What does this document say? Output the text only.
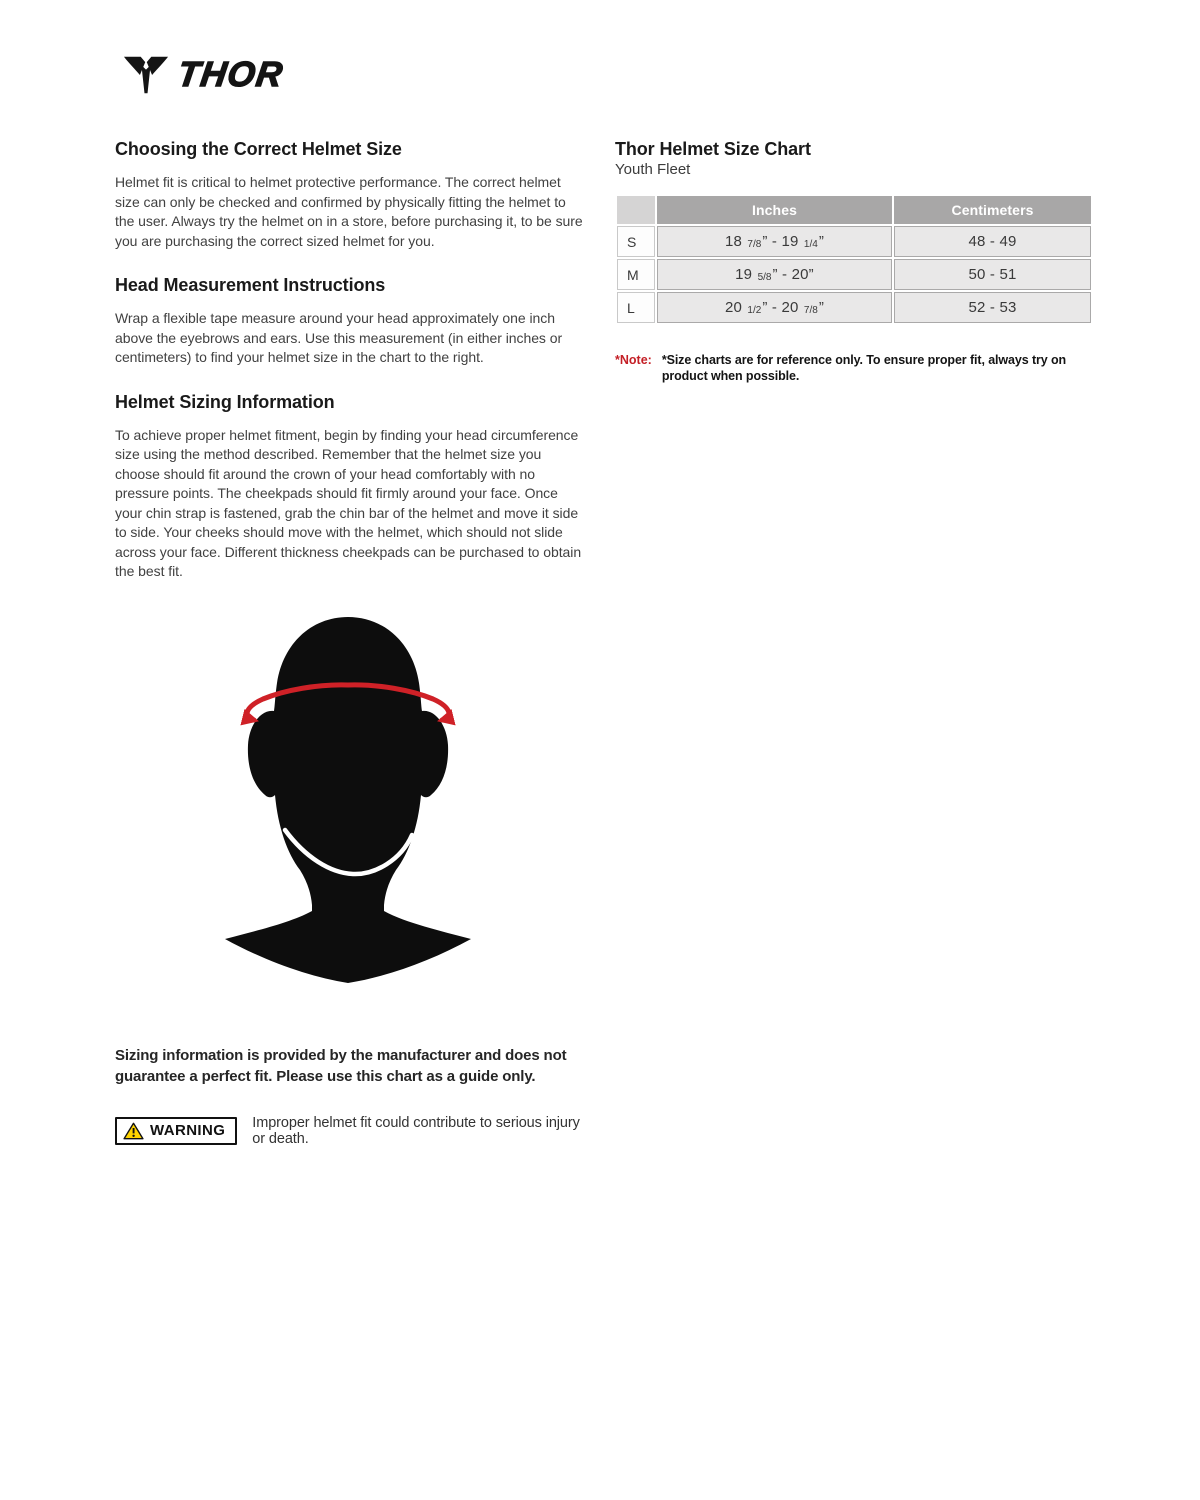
THOR
Choosing the Correct Helmet Size

Helmet fit is critical to helmet protective performance. The correct helmet size can only be checked and confirmed by physically fitting the helmet to the user. Always try the helmet on in a store, before purchasing it, to be sure you are purchasing the correct sized helmet for you.

Head Measurement Instructions

Wrap a flexible tape measure around your head approximately one inch above the eyebrows and ears. Use this measurement (in either inches or centimeters) to find your helmet size in the chart to the right.

Helmet Sizing Information

To achieve proper helmet fitment, begin by finding your head circumference size using the method described. Remember that the helmet size you choose should fit around the crown of your head comfortably with no pressure points. The cheekpads should fit firmly around your face. Once your chin strap is fastened, grab the chin bar of the helmet and move it side to side. Your cheeks should move with the helmet, which should not slide across your face. Different thickness cheekpads can be purchased to obtain the best fit.

Sizing information is provided by the manufacturer and does not guarantee a perfect fit. Please use this chart as a guide only.

WARNING Improper helmet fit could contribute to serious injury or death.
Thor Helmet Size Chart
Youth Fleet
	Inches	Centimeters
S	18 7/8” - 19 1/4”	48 - 49
M	19 5/8” - 20”	50 - 51
L	20 1/2” - 20 7/8”	52 - 53
*Note: *Size charts are for reference only. To ensure proper fit, always try on product when possible.
